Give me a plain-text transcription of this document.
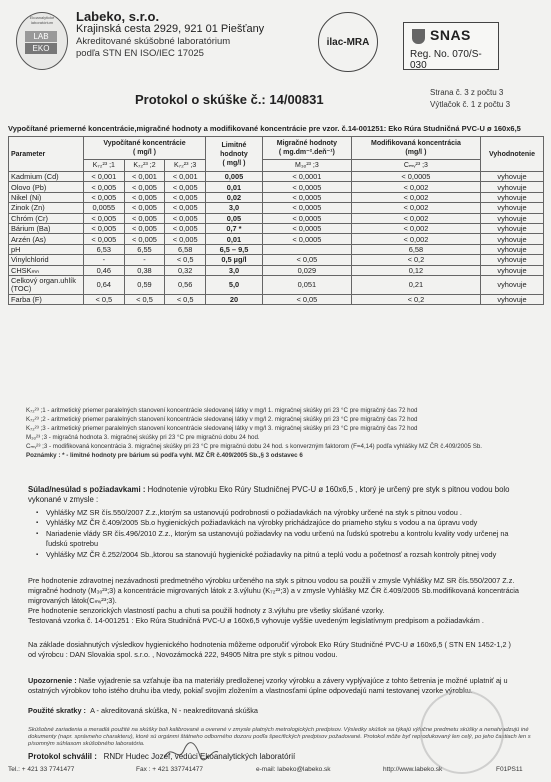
Ekoanalytické laboratórium
LAB
EKO
Labeko, s.r.o.
Krajinská cesta 2929, 921 01 Piešťany
Akreditované skúšobné laboratórium
podľa STN EN ISO/IEC 17025
ilac-MRA	SNAS
Reg. No. 070/S-030
Strana č. 3 z počtu 3
Výtlačok č. 1 z počtu 3
Protokol o skúške č.: 14/00831
Vypočítané priemerné koncentrácie,migračné hodnoty a modifikované koncentrácie pre vzor. č.14-001251: Eko Rúra Studničná PVC-U ø 160x6,5
Parameter	Vypočítané koncentrácie
( mg/l )			Limitné hodnoty
( mg/l )	Migračné hodnoty
( mg.dm⁻².deň⁻¹)	Modifikovaná koncentrácia
(mg/l )	Vyhodnotenie
	K₇₂²³ ;1	K₇₂²³ ;2	K₇₂²³ ;3		M₃ₒ²³ ;3	Cₘᵥ²³ ;3	
Kadmium (Cd)	< 0,001	< 0,001	< 0,001	0,005	< 0,0001	< 0,0005	vyhovuje
Olovo (Pb)	< 0,005	< 0,005	< 0,005	0,01	< 0,0005	< 0,002	vyhovuje
Nikel (Ni)	< 0,005	< 0,005	< 0,005	0,02	< 0,0005	< 0,002	vyhovuje
Zinok (Zn)	0,0055	< 0,005	< 0,005	3,0	< 0,0005	< 0,002	vyhovuje
Chróm (Cr)	< 0,005	< 0,005	< 0,005	0,05	< 0,0005	< 0,002	vyhovuje
Bárium (Ba)	< 0,005	< 0,005	< 0,005	0,7 *	< 0,0005	< 0,002	vyhovuje
Arzén (As)	< 0,005	< 0,005	< 0,005	0,01	< 0,0005	< 0,002	vyhovuje
pH	6,53	6,55	6,58	6,5 – 9,5		6,58	vyhovuje
Vinylchlorid	-	-	< 0,5	0,5 µg/l	< 0,05	< 0,2	vyhovuje
CHSKₘₙ	0,46	0,38	0,32	3,0	0,029	0,12	vyhovuje
Celkový organ.uhlík (TOC)	0,64	0,59	0,56	5,0	0,051	0,21	vyhovuje
Farba (F)	< 0,5	< 0,5	< 0,5	20	< 0,05	< 0,2	vyhovuje
K₇₂²³ ;1 - aritmetický priemer paralelných stanovení koncentrácie sledovanej látky v mg/l 1. migračnej skúšky pri 23 °C pre migračný čas 72 hod
K₇₂²³ ;2 - aritmetický priemer paralelných stanovení koncentrácie sledovanej látky v mg/l 2. migračnej skúšky pri 23 °C pre migračný čas 72 hod
K₇₂²³ ;3 - aritmetický priemer paralelných stanovení koncentrácie sledovanej látky v mg/l 3. migračnej skúšky pri 23 °C pre migračný čas 72 hod
M₃ₒ²³ ;3 - migračná hodnota 3. migračnej skúšky pri 23 °C pre migračnú dobu 24 hod.
Cₘᵥ²³ ;3 - modifikovaná koncentrácia 3. migračnej skúšky pri 23 °C pre migračnú dobu 24 hod. s konverzným faktorom (F=4,14) podľa vyhlášky MZ ČR č.409/2005 Sb.
Poznámky : * - limitné hodnoty pre bárium sú podľa vyhl. MZ ČR č.409/2005 Sb.,§ 3 odstavec 6
Súlad/nesúlad s požiadavkami : Hodnotenie výrobku Eko Rúry Studničnej PVC-U ø 160x6,5 , ktorý je určený pre styk s pitnou vodou bolo vykonané v zmysle :
▪ Vyhlášky MZ SR čís.550/2007 Z.z.,ktorým sa ustanovujú podrobnosti o požiadavkách na výrobky určené na styk s pitnou vodou .
▪ Vyhlášky MZ ČR č.409/2005 Sb.o hygienických požiadavkách na výrobky prichádzajúce do priameho styku s vodou a na úpravu vody
▪ Nariadenie vlády SR čís.496/2010 Z.z., ktorým sa ustanovujú požiadavky na vodu určenú na ľudskú spotrebu a kontrolu kvality vody určenej na ľudskú spotrebu
▪ Vyhlášky MZ ČR č.252/2004 Sb.,ktorou sa stanovujú hygienické požiadavky na pitnú a teplú vodu a početnosť a rozsah kontroly pitnej vody
Pre hodnotenie zdravotnej nezávadnosti predmetného výrobku určeného na styk s pitnou vodou sa použili v zmysle Vyhlášky MZ SR čís.550/2007 Z.z. migračné hodnoty (M₃ₒ²³;3) a koncentrácie migrovaných látok z 3.výluhu (K₇₂²³;3) a v zmysle Vyhlášky MZ ČR č.409/2005 Sb.modifikovaná koncentrácia migrovaných látok(Cₘᵥ²³;3).
Pre hodnotenie senzorických vlastností pachu a chuti sa použili hodnoty z 3.výluhu pre všetky skúšané vzorky.
Testovaná vzorka č. 14-001251 : Eko Rúra Studničná PVC-U ø 160x6,5 vyhovuje vyššie uvedeným legislatívnym predpisom a požiadavkám .
Na základe dosiahnutých výsledkov hygienického hodnotenia môžeme odporučiť výrobok Eko Rúry Studničné PVC-U ø 160x6,5 ( STN EN 1452-1,2 )
od výrobcu : DAN Slovakia spol. s.r.o. , Novozámocká 222, 94905 Nitra pre styk s pitnou vodou.
Upozornenie : Naše vyjadrenie sa vzťahuje iba na materiály predloženej vzorky výrobku a závery vyplývajúce z tohto šetrenia je možné uplatniť aj u ostatných výrobkov toho istého druhu iba vtedy, pokiaľ svojím zložením a vlastnosťami úplne odpovedajú nami testovanej vzorke výrobku.
Použité skratky : A - akreditovaná skúška, N - neakreditovaná skúška
Skúšobné zariadenia a meradlá použité na skúšky boli kalibrované a overené v zmysle platných metrologických predpisov. Výsledky skúšok sa týkajú výlučne predmetu skúšky a nenahradzujú iné dokumenty (napr. správneho charakteru), ktoré sú orgánmi štátneho odborného dozoru podľa špecifických predpisov požadované. Protokol môže byť reprodukovaný len celý, po jeho častiach len s písomným súhlasom skúšobného laboratória.
Protokol schválil : RNDr Hudec Jozef, vedúci Ekoanalytických laboratórií
Tel.: + 421 33 7741477	Fax : + 421 337741477	e-mail: labeko@labeko.sk	http://www.labeko.sk	F01PS11
